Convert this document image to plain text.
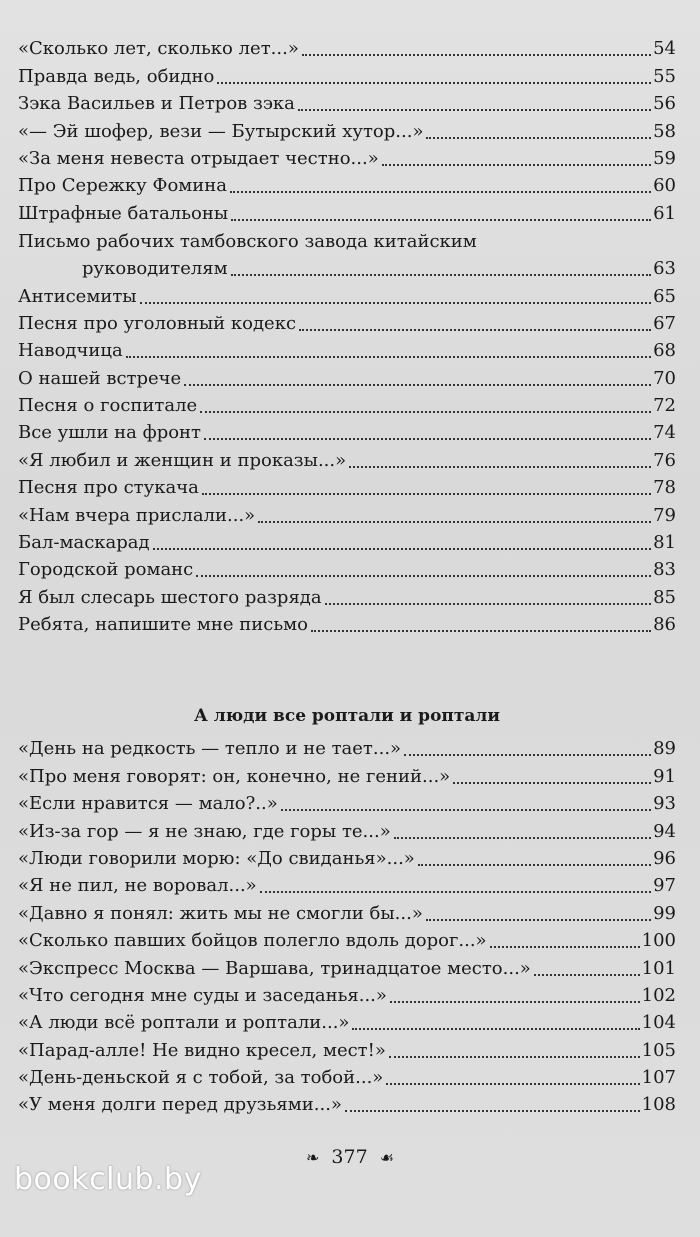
«Сколько лет, сколько лет...»	54
Правда ведь, обидно	55
Зэка Васильев и Петров зэка	56
«— Эй шофер, вези — Бутырский хутор...»	58
«За меня невеста отрыдает честно...»	59
Про Сережку Фомина	60
Штрафные батальоны	61
Письмо рабочих тамбовского завода китайским
руководителям	63
Антисемиты	65
Песня про уголовный кодекс	67
Наводчица	68
О нашей встрече	70
Песня о госпитале	72
Все ушли на фронт	74
«Я любил и женщин и проказы...»	76
Песня про стукача	78
«Нам вчера прислали...»	79
Бал-маскарад	81
Городской романс	83
Я был слесарь шестого разряда	85
Ребята, напишите мне письмо	86
А люди все роптали и роптали
«День на редкость — тепло и не тает...»	89
«Про меня говорят: он, конечно, не гений...»	91
«Если нравится — мало?..»	93
«Из-за гор — я не знаю, где горы те...»	94
«Люди говорили морю: «До свиданья»...»	96
«Я не пил, не воровал...»	97
«Давно я понял: жить мы не смогли бы...»	99
«Сколько павших бойцов полегло вдоль дорог...»	100
«Экспресс Москва — Варшава, тринадцатое место...»	101
«Что сегодня мне суды и заседанья...»	102
«А люди всё роптали и роптали...»	104
«Парад-алле! Не видно кресел, мест!»	105
«День-деньской я с тобой, за тобой...»	107
«У меня долги перед друзьями...»	108
❧ 377 ☙
bookclub.by
